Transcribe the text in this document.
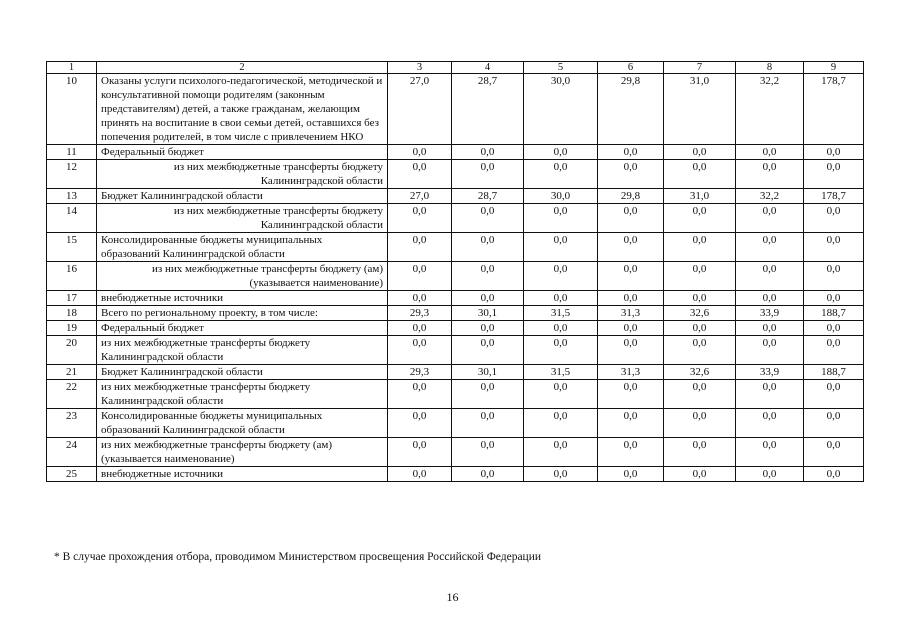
1	2	3	4	5	6	7	8	9
10	Оказаны услуги психолого-педагогической, методической и консультативной помощи родителям (законным представителям) детей, а также гражданам, желающим принять на воспитание в свои семьи детей, оставшихся без попечения родителей, в том числе с привлечением НКО	27,0	28,7	30,0	29,8	31,0	32,2	178,7
11	Федеральный бюджет	0,0	0,0	0,0	0,0	0,0	0,0	0,0
12	из них межбюджетные трансферты бюджету Калининградской области	0,0	0,0	0,0	0,0	0,0	0,0	0,0
13	Бюджет Калининградской области	27,0	28,7	30,0	29,8	31,0	32,2	178,7
14	из них межбюджетные трансферты бюджету Калининградской области	0,0	0,0	0,0	0,0	0,0	0,0	0,0
15	Консолидированные бюджеты муниципальных образований Калининградской области	0,0	0,0	0,0	0,0	0,0	0,0	0,0
16	из них межбюджетные трансферты бюджету (ам) (указывается наименование)	0,0	0,0	0,0	0,0	0,0	0,0	0,0
17	внебюджетные источники	0,0	0,0	0,0	0,0	0,0	0,0	0,0
18	Всего по региональному проекту, в том числе:	29,3	30,1	31,5	31,3	32,6	33,9	188,7
19	Федеральный бюджет	0,0	0,0	0,0	0,0	0,0	0,0	0,0
20	из них межбюджетные трансферты бюджету Калининградской области	0,0	0,0	0,0	0,0	0,0	0,0	0,0
21	Бюджет Калининградской области	29,3	30,1	31,5	31,3	32,6	33,9	188,7
22	из них межбюджетные трансферты бюджету Калининградской области	0,0	0,0	0,0	0,0	0,0	0,0	0,0
23	Консолидированные бюджеты муниципальных образований Калининградской области	0,0	0,0	0,0	0,0	0,0	0,0	0,0
24	из них межбюджетные трансферты бюджету (ам) (указывается наименование)	0,0	0,0	0,0	0,0	0,0	0,0	0,0
25	внебюджетные источники	0,0	0,0	0,0	0,0	0,0	0,0	0,0
* В случае прохождения отбора, проводимом Министерством просвещения Российской Федерации
16
